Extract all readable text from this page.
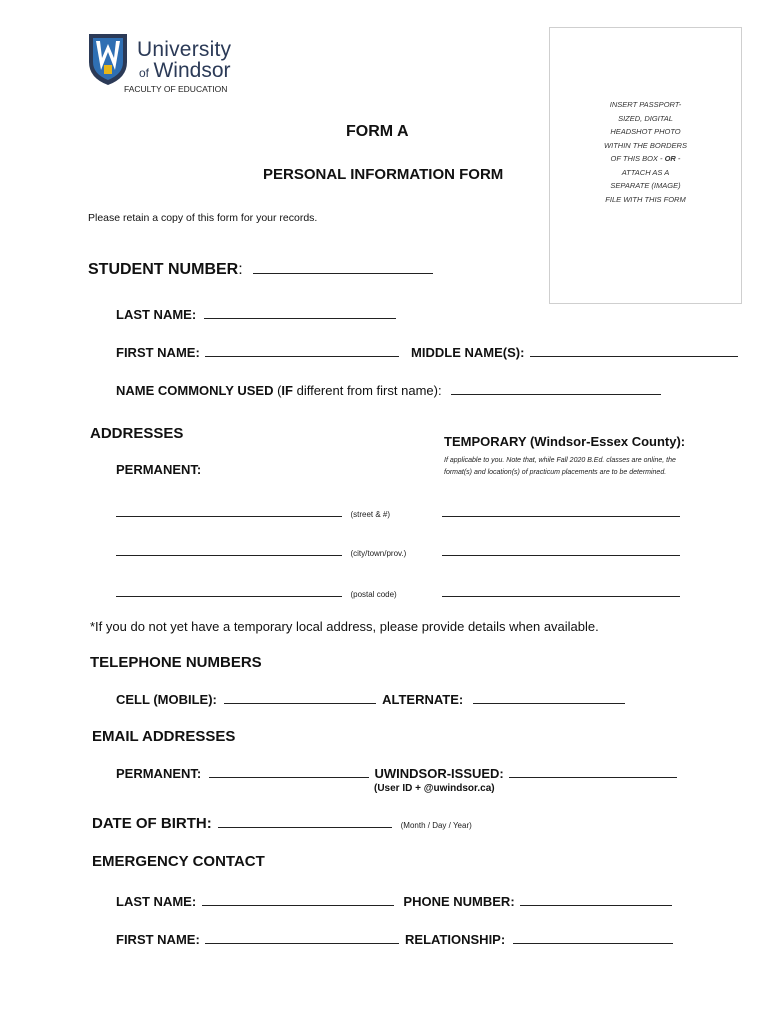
University
of Windsor
FACULTY OF EDUCATION
INSERT PASSPORT-
SIZED, DIGITAL
HEADSHOT PHOTO
WITHIN THE BORDERS
OF THIS BOX - OR -
ATTACH AS A
SEPARATE (IMAGE)
FILE WITH THIS FORM
FORM A
PERSONAL INFORMATION FORM
Please retain a copy of this form for your records.
STUDENT NUMBER:
LAST NAME:
FIRST NAME:	MIDDLE NAME(S):
NAME COMMONLY USED (IF different from first name):
ADDRESSES	TEMPORARY (Windsor-Essex County):
If applicable to you. Note that, while Fall 2020 B.Ed. classes are online, the format(s) and location(s) of practicum placements are to be determined.
PERMANENT:
(street & #)
(city/town/prov.)
(postal code)
*If you do not yet have a temporary local address, please provide details when available.
TELEPHONE NUMBERS
CELL (MOBILE):	ALTERNATE:
EMAIL ADDRESSES
PERMANENT:	UWINDSOR-ISSUED:
(User ID + @uwindsor.ca)
DATE OF BIRTH:	(Month / Day / Year)
EMERGENCY CONTACT
LAST NAME:	PHONE NUMBER:
FIRST NAME:	RELATIONSHIP:
